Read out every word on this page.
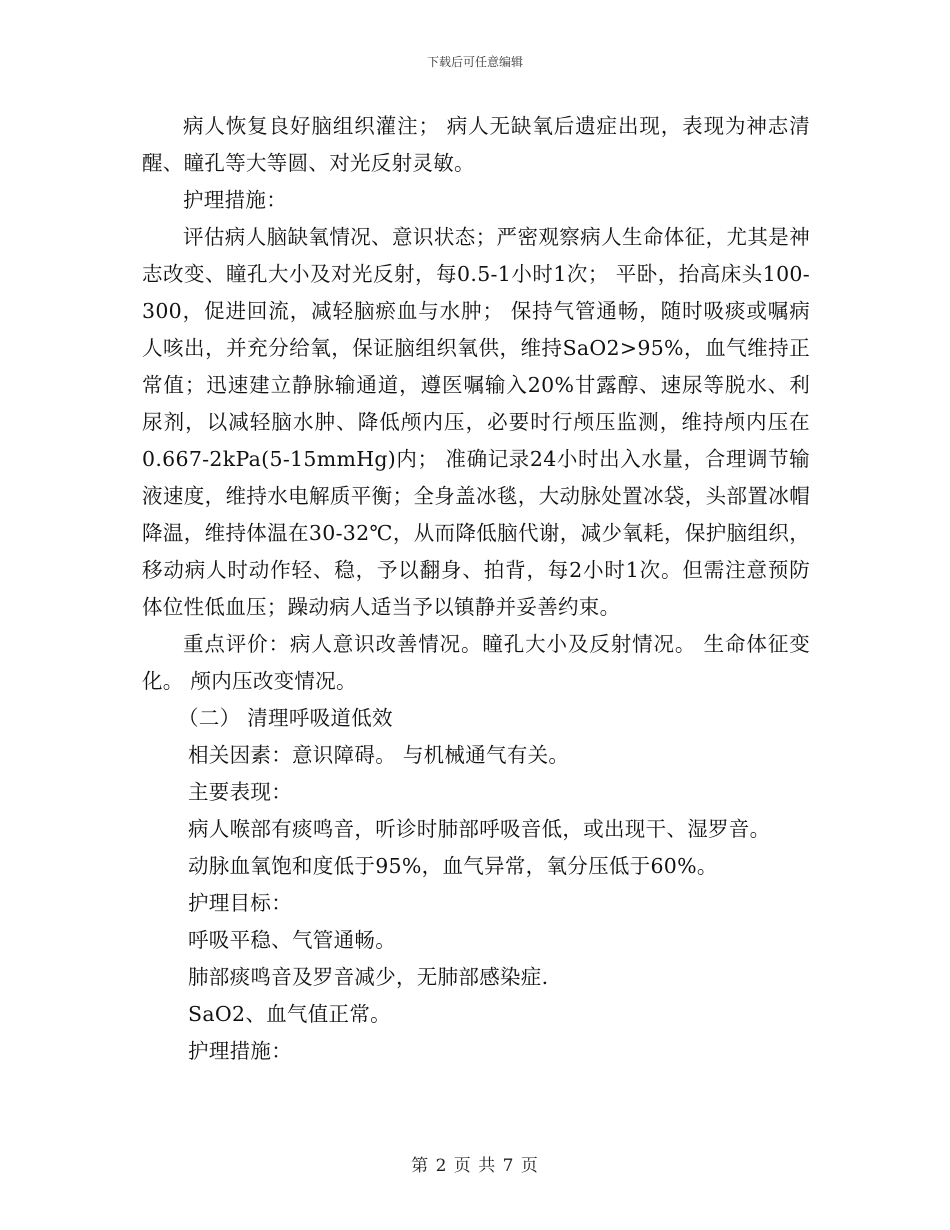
下载后可任意编辑

病人恢复良好脑组织灌注； 病人无缺氧后遗症出现，表现为神志清醒、瞳孔等大等圆、对光反射灵敏。

护理措施：

评估病人脑缺氧情况、意识状态；严密观察病人生命体征，尤其是神志改变、瞳孔大小及对光反射，每0.5-1小时1次； 平卧，抬高床头100-300，促进回流，减轻脑瘀血与水肿； 保持气管通畅，随时吸痰或嘱病人咳出，并充分给氧，保证脑组织氧供，维持SaO2>95%，血气维持正常值；迅速建立静脉输通道，遵医嘱输入20%甘露醇、速尿等脱水、利尿剂，以减轻脑水肿、降低颅内压，必要时行颅压监测，维持颅内压在0.667-2kPa(5-15mmHg)内； 准确记录24小时出入水量，合理调节输液速度，维持水电解质平衡；全身盖冰毯，大动脉处置冰袋，头部置冰帽降温，维持体温在30-32℃，从而降低脑代谢，减少氧耗，保护脑组织， 移动病人时动作轻、稳，予以翻身、拍背，每2小时1次。但需注意预防体位性低血压；躁动病人适当予以镇静并妥善约束。

重点评价：病人意识改善情况。瞳孔大小及反射情况。 生命体征变化。 颅内压改变情况。

（二） 清理呼吸道低效

相关因素：意识障碍。 与机械通气有关。

主要表现：

病人喉部有痰鸣音，听诊时肺部呼吸音低，或出现干、湿罗音。

动脉血氧饱和度低于95%，血气异常，氧分压低于60%。

护理目标：

呼吸平稳、气管通畅。

肺部痰鸣音及罗音减少，无肺部感染症.

SaO2、血气值正常。

护理措施：

第 2 页 共 7 页
